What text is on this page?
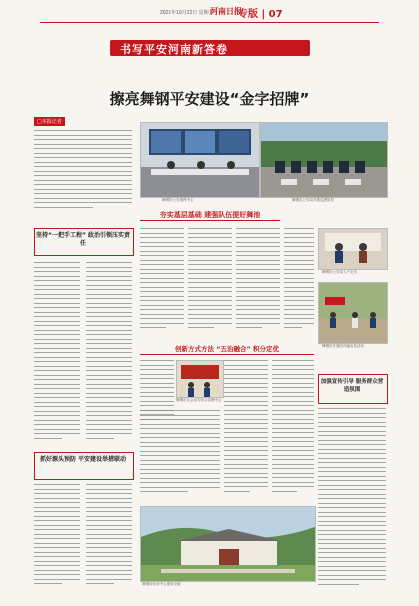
2021年10月22日 星期五
河南日报
专版 | 07
书写平安河南新答卷
擦亮舞钢平安建设“金字招牌”
□本报记者
舞钢市公安指挥中心	舞钢市公安局开展巡逻防控
夯实基层基础 建强队伍提好舞池
坚持“一把手工程” 政治引领压实责任
抓好源头预防 平安建设举措联动
舞钢市公安局入户走访
舞钢市开展防诈骗宣传活动
创新方式方法 “五治融合” 积分定优
舞钢市社会治安综合治理中心
加强宣传引导 服务群众营造氛围
舞钢市综治中心建设全貌
